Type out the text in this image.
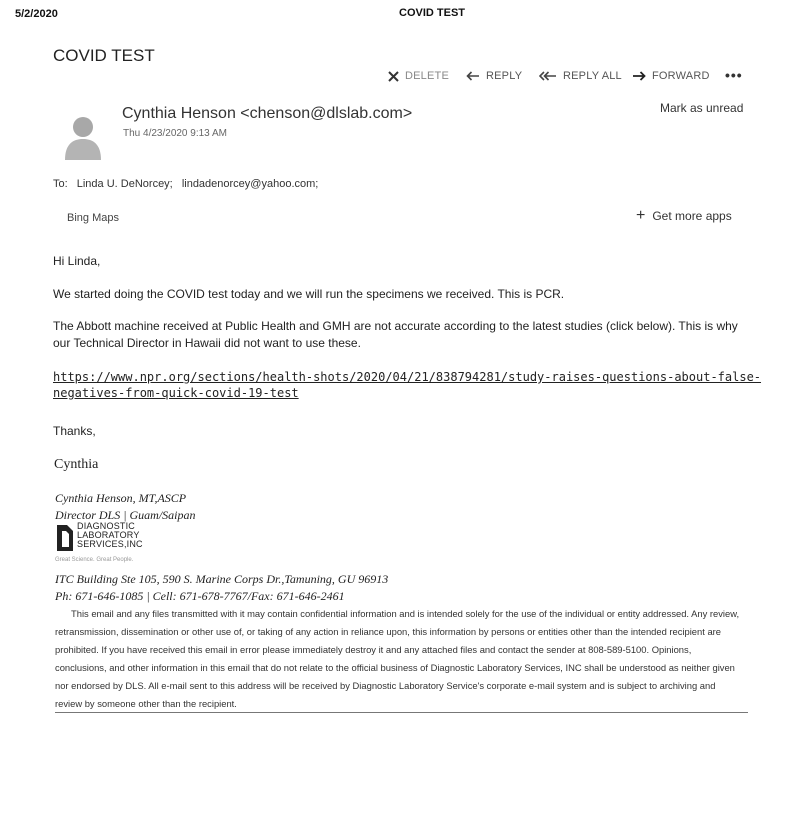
5/2/2020	COVID TEST
COVID TEST
DELETE	REPLY	REPLY ALL	FORWARD •••
Mark as unread
Cynthia Henson <chenson@dlslab.com>
Thu 4/23/2020 9:13 AM
To: Linda U. DeNorcey; lindadenorcey@yahoo.com;
Bing Maps	+ Get more apps
Hi Linda,
We started doing the COVID test today and we will run the specimens we received. This is PCR.
The Abbott machine received at Public Health and GMH are not accurate according to the latest studies (click below). This is why our Technical Director in Hawaii did not want to use these.
https://www.npr.org/sections/health-shots/2020/04/21/838794281/study-raises-questions-about-false-negatives-from-quick-covid-19-test
Thanks,
Cynthia
Cynthia Henson, MT,ASCP
Director DLS | Guam/Saipan
DIAGNOSTIC
LABORATORY
SERVICES,INC
Great Science. Great People.
ITC Building Ste 105, 590 S. Marine Corps Dr.,Tamuning, GU 96913
Ph: 671-646-1085 | Cell: 671-678-7767/Fax: 671-646-2461
This email and any files transmitted with it may contain confidential information and is intended solely for the use of the individual or entity addressed. Any review, retransmission, dissemination or other use of, or taking of any action in reliance upon, this information by persons or entities other than the intended recipient are prohibited. If you have received this email in error please immediately destroy it and any attached files and contact the sender at 808-589-5100. Opinions, conclusions, and other information in this email that do not relate to the official business of Diagnostic Laboratory Services, INC shall be understood as neither given nor endorsed by DLS. All e-mail sent to this address will be received by Diagnostic Laboratory Service's corporate e-mail system and is subject to archiving and review by someone other than the recipient.
